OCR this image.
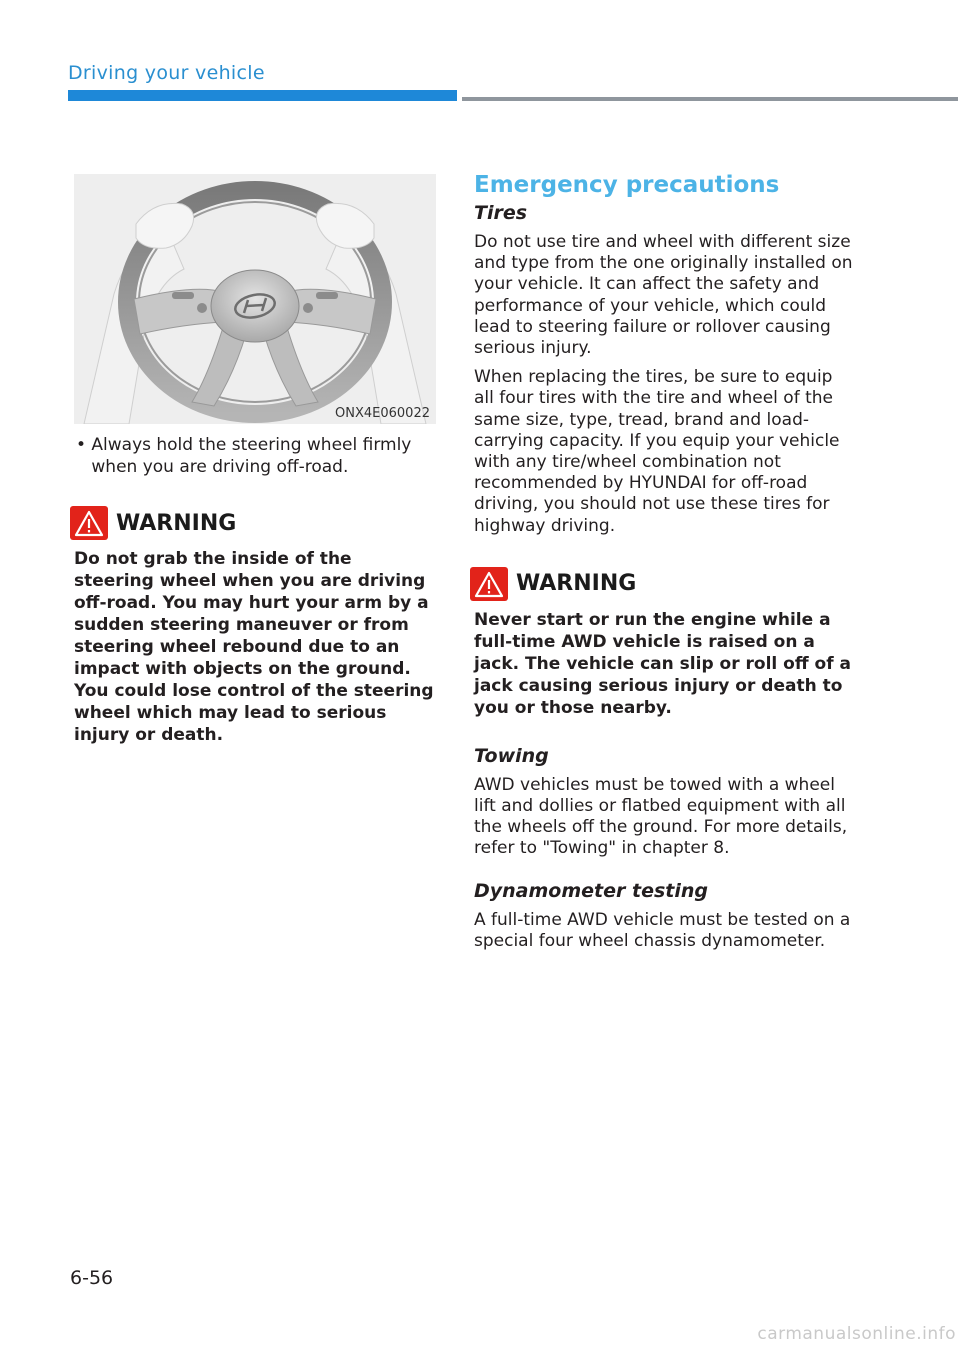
Driving your vehicle
ONX4E060022
• Always hold the steering wheel firmly when you are driving off-road.
WARNING
Do not grab the inside of the steering wheel when you are driving off-road. You may hurt your arm by a sudden steering maneuver or from steering wheel rebound due to an impact with objects on the ground. You could lose control of the steering wheel which may lead to serious injury or death.
Emergency precautions
Tires

Do not use tire and wheel with different size and type from the one originally installed on your vehicle. It can affect the safety and performance of your vehicle, which could lead to steering failure or rollover causing serious injury.

When replacing the tires, be sure to equip all four tires with the tire and wheel of the same size, type, tread, brand and load-carrying capacity. If you equip your vehicle with any tire/wheel combination not recommended by HYUNDAI for off-road driving, you should not use these tires for highway driving.

WARNING
Never start or run the engine while a full-time AWD vehicle is raised on a jack. The vehicle can slip or roll off of a jack causing serious injury or death to you or those nearby.
Towing

AWD vehicles must be towed with a wheel lift and dollies or flatbed equipment with all the wheels off the ground. For more details, refer to "Towing" in chapter 8.

Dynamometer testing

A full-time AWD vehicle must be tested on a special four wheel chassis dynamometer.

6-56
carmanualsonline.info
